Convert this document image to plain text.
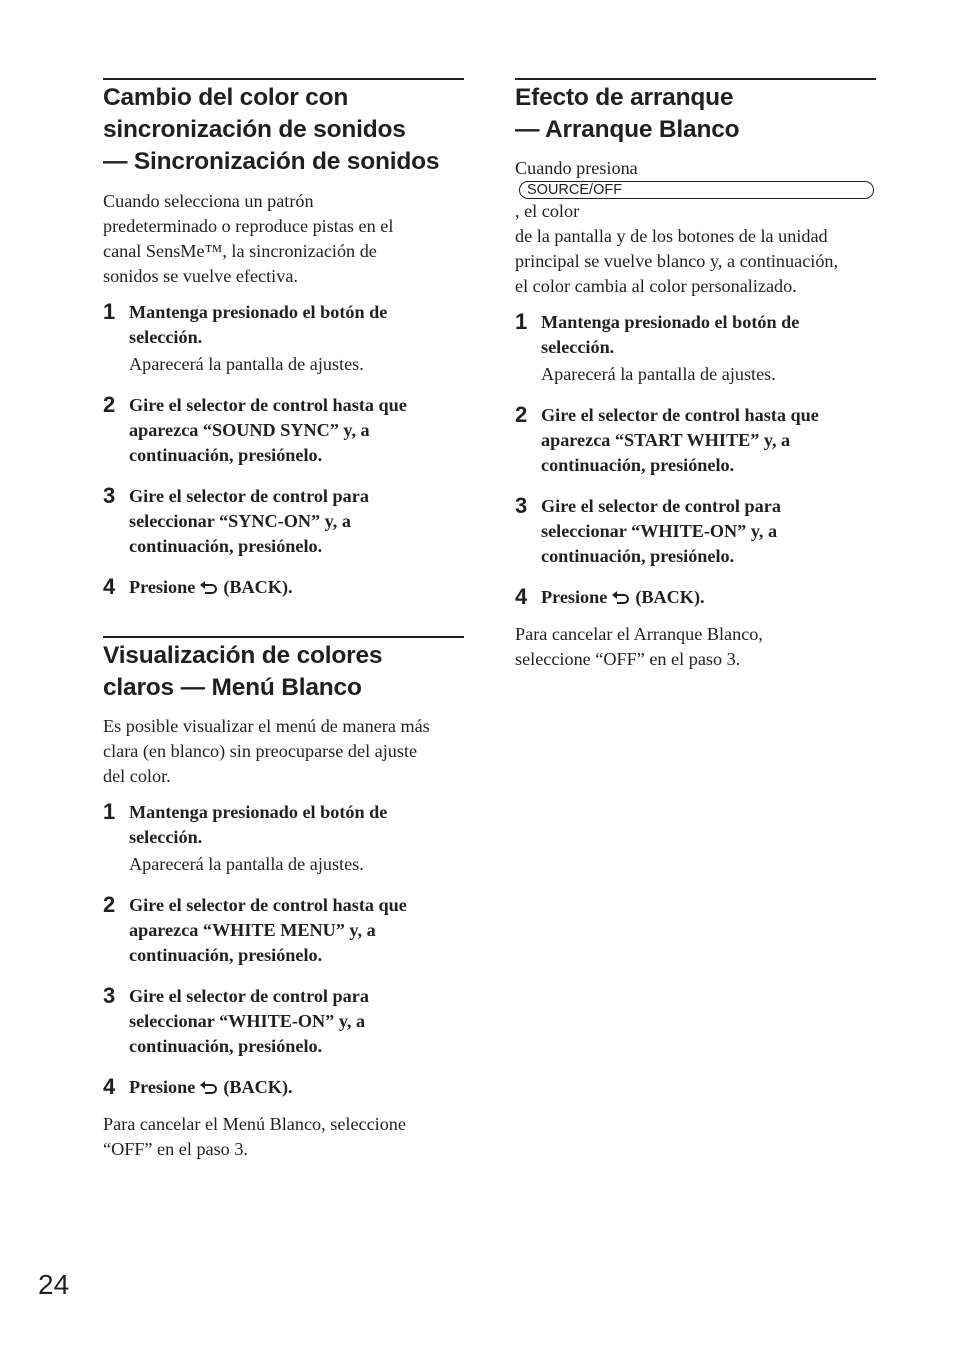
Cambio del color con
sincronización de sonidos
— Sincronización de sonidos

Cuando selecciona un patrón
predeterminado o reproduce pistas en el
canal SensMe™, la sincronización de
sonidos se vuelve efectiva.

1 Mantenga presionado el botón de
selección.
Aparecerá la pantalla de ajustes.
2 Gire el selector de control hasta que
aparezca “SOUND SYNC” y, a
continuación, presiónelo.
3 Gire el selector de control para
seleccionar “SYNC-ON” y, a
continuación, presiónelo.
4 Presione (BACK).
Visualización de colores
claros — Menú Blanco

Es posible visualizar el menú de manera más
clara (en blanco) sin preocuparse del ajuste
del color.

1 Mantenga presionado el botón de
selección.
Aparecerá la pantalla de ajustes.
2 Gire el selector de control hasta que
aparezca “WHITE MENU” y, a
continuación, presiónelo.
3 Gire el selector de control para
seleccionar “WHITE-ON” y, a
continuación, presiónelo.
4 Presione (BACK).

Para cancelar el Menú Blanco, seleccione
“OFF” en el paso 3.

Efecto de arranque
— Arranque Blanco

Cuando presiona
SOURCE/OFF
, el color
de la pantalla y de los botones de la unidad
principal se vuelve blanco y, a continuación,
el color cambia al color personalizado.

1 Mantenga presionado el botón de
selección.
Aparecerá la pantalla de ajustes.
2 Gire el selector de control hasta que
aparezca “START WHITE” y, a
continuación, presiónelo.
3 Gire el selector de control para
seleccionar “WHITE-ON” y, a
continuación, presiónelo.
4 Presione (BACK).

Para cancelar el Arranque Blanco,
seleccione “OFF” en el paso 3.

24
